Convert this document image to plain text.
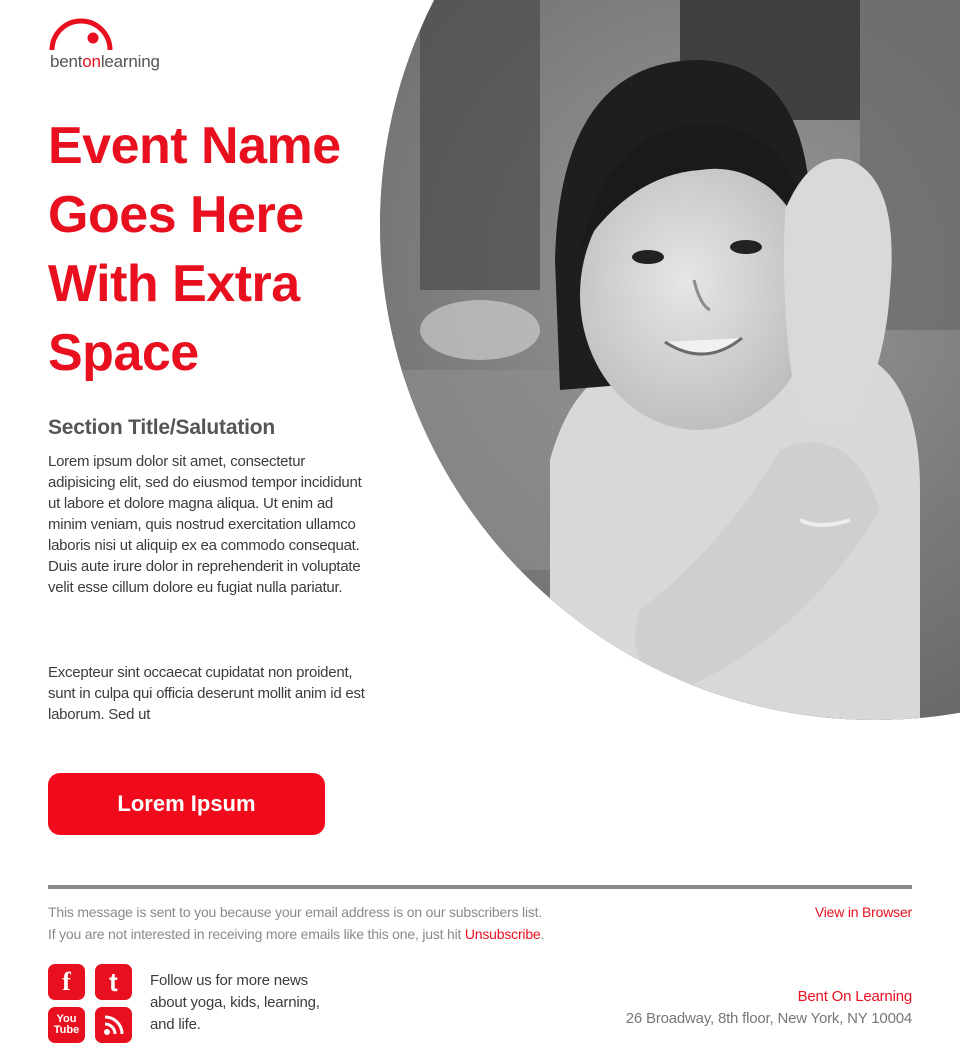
bentonlearning
Event Name Goes Here With Extra Space
Section Title/Salutation
Lorem ipsum dolor sit amet, consectetur adipisicing elit, sed do eiusmod tempor incididunt ut labore et dolore magna aliqua. Ut enim ad minim veniam, quis nostrud exercitation ullamco laboris nisi ut aliquip ex ea commodo consequat. Duis aute irure dolor in reprehenderit in voluptate velit esse cillum dolore eu fugiat nulla pariatur.
Excepteur sint occaecat cupidatat non proident, sunt in culpa qui officia deserunt mollit anim id est laborum. Sed ut
Lorem Ipsum
This message is sent to you because your email address is on our subscribers list.
If you are not interested in receiving more emails like this one, just hit Unsubscribe.
View in Browser
f t
You
Tube
Follow us for more news about yoga, kids, learning, and life.
Bent On Learning
26 Broadway, 8th floor, New York, NY 10004
